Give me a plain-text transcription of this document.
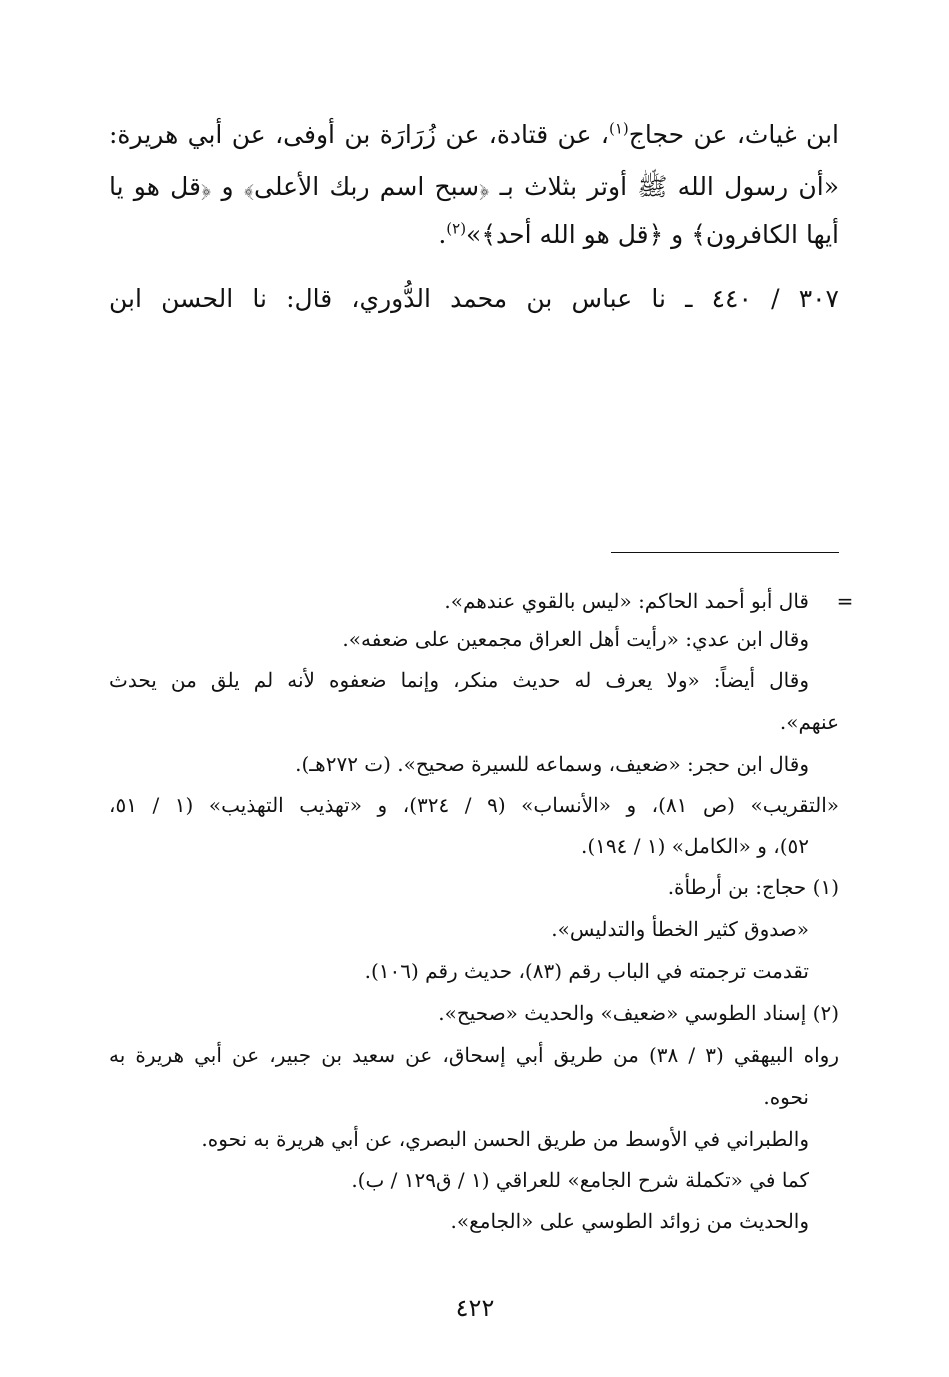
ابن غياث، عن حجاج$^{(١)}$، عن قتادة، عن زُرَارَة بن أوفى، عن أبي هريرة:
«أن رسول الله ﷺ أوتر بثلاث بـ ﴿سبح اسم ربك الأعلى﴾ و ﴿قل هو يا
أيها الكافرون﴾ و ﴿قل هو الله أحد﴾»$^{(٢)}$.
٣٠٧ / ٤٤٠ ـ نا عباس بن محمد الدُّوري، قال: نا الحسن ابن
=
قال أبو أحمد الحاكم: «ليس بالقوي عندهم».
وقال ابن عدي: «رأيت أهل العراق مجمعين على ضعفه».
وقال أيضاً: «ولا يعرف له حديث منكر، وإنما ضعفوه لأنه لم يلق من يحدث
عنهم».
وقال ابن حجر: «ضعيف، وسماعه للسيرة صحيح». (ت ٢٧٢هـ).
«التقريب» (ص ٨١)، و «الأنساب» (٩ / ٣٢٤)، و «تهذيب التهذيب» (١ / ٥١،
٥٢)، و «الكامل» (١ / ١٩٤).
(١) حجاج: بن أرطأة.
«صدوق كثير الخطأ والتدليس».
تقدمت ترجمته في الباب رقم (٨٣)، حديث رقم (١٠٦).
(٢) إسناد الطوسي «ضعيف» والحديث «صحيح».
رواه البيهقي (٣ / ٣٨) من طريق أبي إسحاق، عن سعيد بن جبير، عن أبي هريرة به
نحوه.
والطبراني في الأوسط من طريق الحسن البصري، عن أبي هريرة به نحوه.
كما في «تكملة شرح الجامع» للعراقي (١ / ق١٢٩ / ب).
والحديث من زوائد الطوسي على «الجامع».
٤٢٢
